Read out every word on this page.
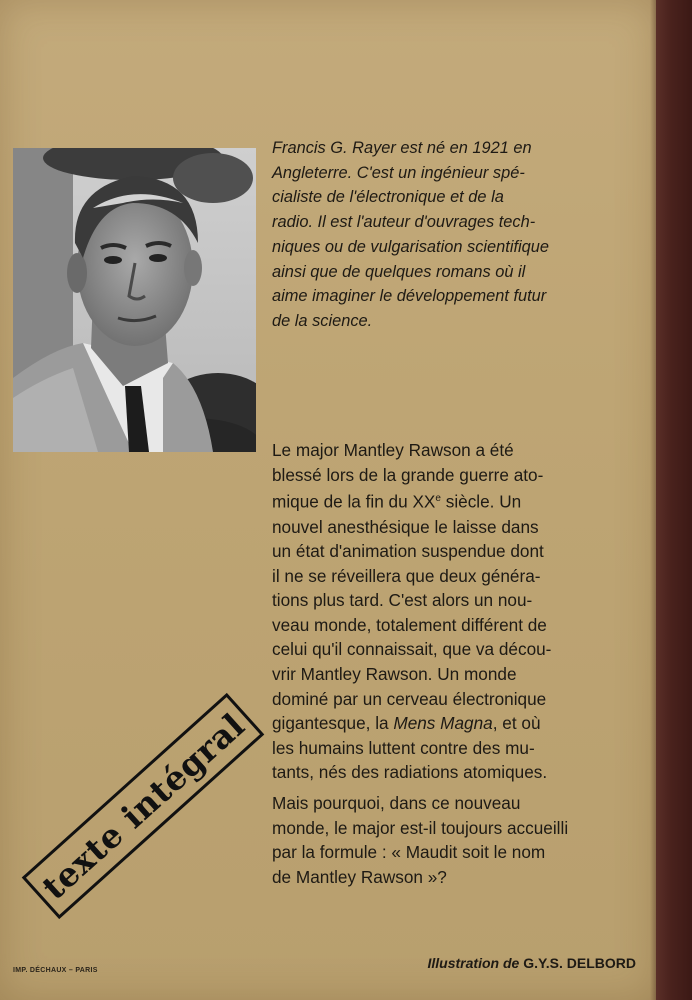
Francis G. Rayer est né en 1921 en
Angleterre. C'est un ingénieur spé-
cialiste de l'électronique et de la
radio. Il est l'auteur d'ouvrages tech-
niques ou de vulgarisation scientifique
ainsi que de quelques romans où il
aime imaginer le développement futur
de la science.

Le major Mantley Rawson a été
blessé lors de la grande guerre ato-
mique de la fin du XXe siècle. Un
nouvel anesthésique le laisse dans
un état d'animation suspendue dont
il ne se réveillera que deux généra-
tions plus tard. C'est alors un nou-
veau monde, totalement différent de
celui qu'il connaissait, que va décou-
vrir Mantley Rawson. Un monde
dominé par un cerveau électronique
gigantesque, la Mens Magna, et où
les humains luttent contre des mu-
tants, nés des radiations atomiques.
Mais pourquoi, dans ce nouveau
monde, le major est-il toujours accueilli
par la formule : « Maudit soit le nom
de Mantley Rawson »?
texte intégral
IMP. DÉCHAUX – PARIS	Illustration de G.Y.S. DELBORD
